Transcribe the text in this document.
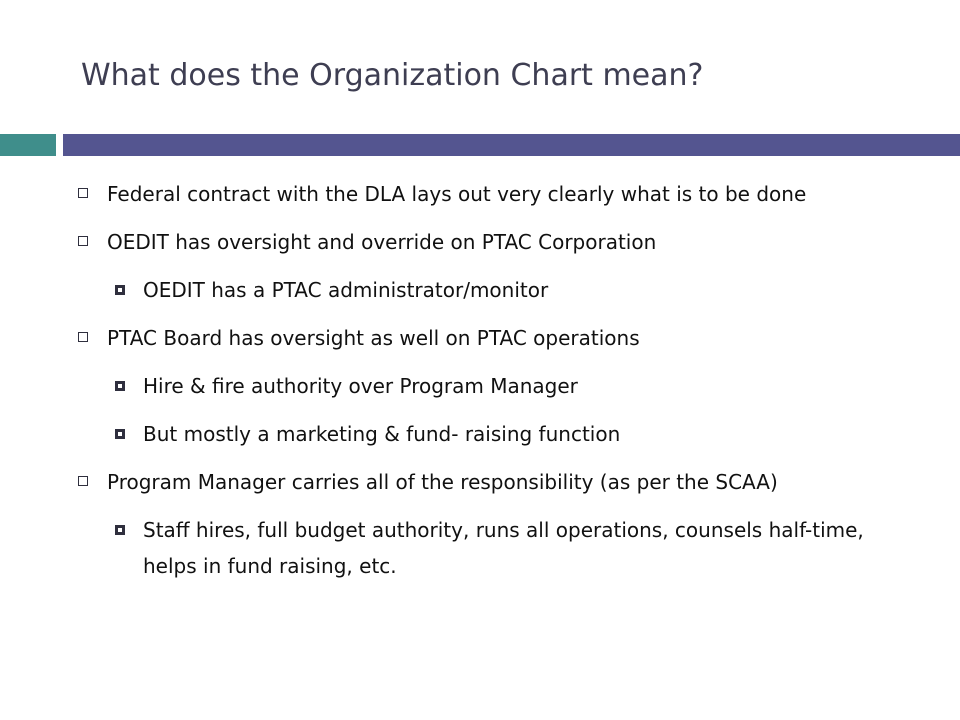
What does the Organization Chart mean?
Federal contract with the DLA lays out very clearly what is to be done
OEDIT has oversight and override on PTAC Corporation
OEDIT has a PTAC administrator/monitor
PTAC Board has oversight as well on PTAC operations
Hire & fire authority over Program Manager
But mostly a marketing & fund- raising function
Program Manager carries all of the responsibility (as per the SCAA)
Staff hires, full budget authority, runs all operations, counsels half-time, helps in fund raising, etc.
